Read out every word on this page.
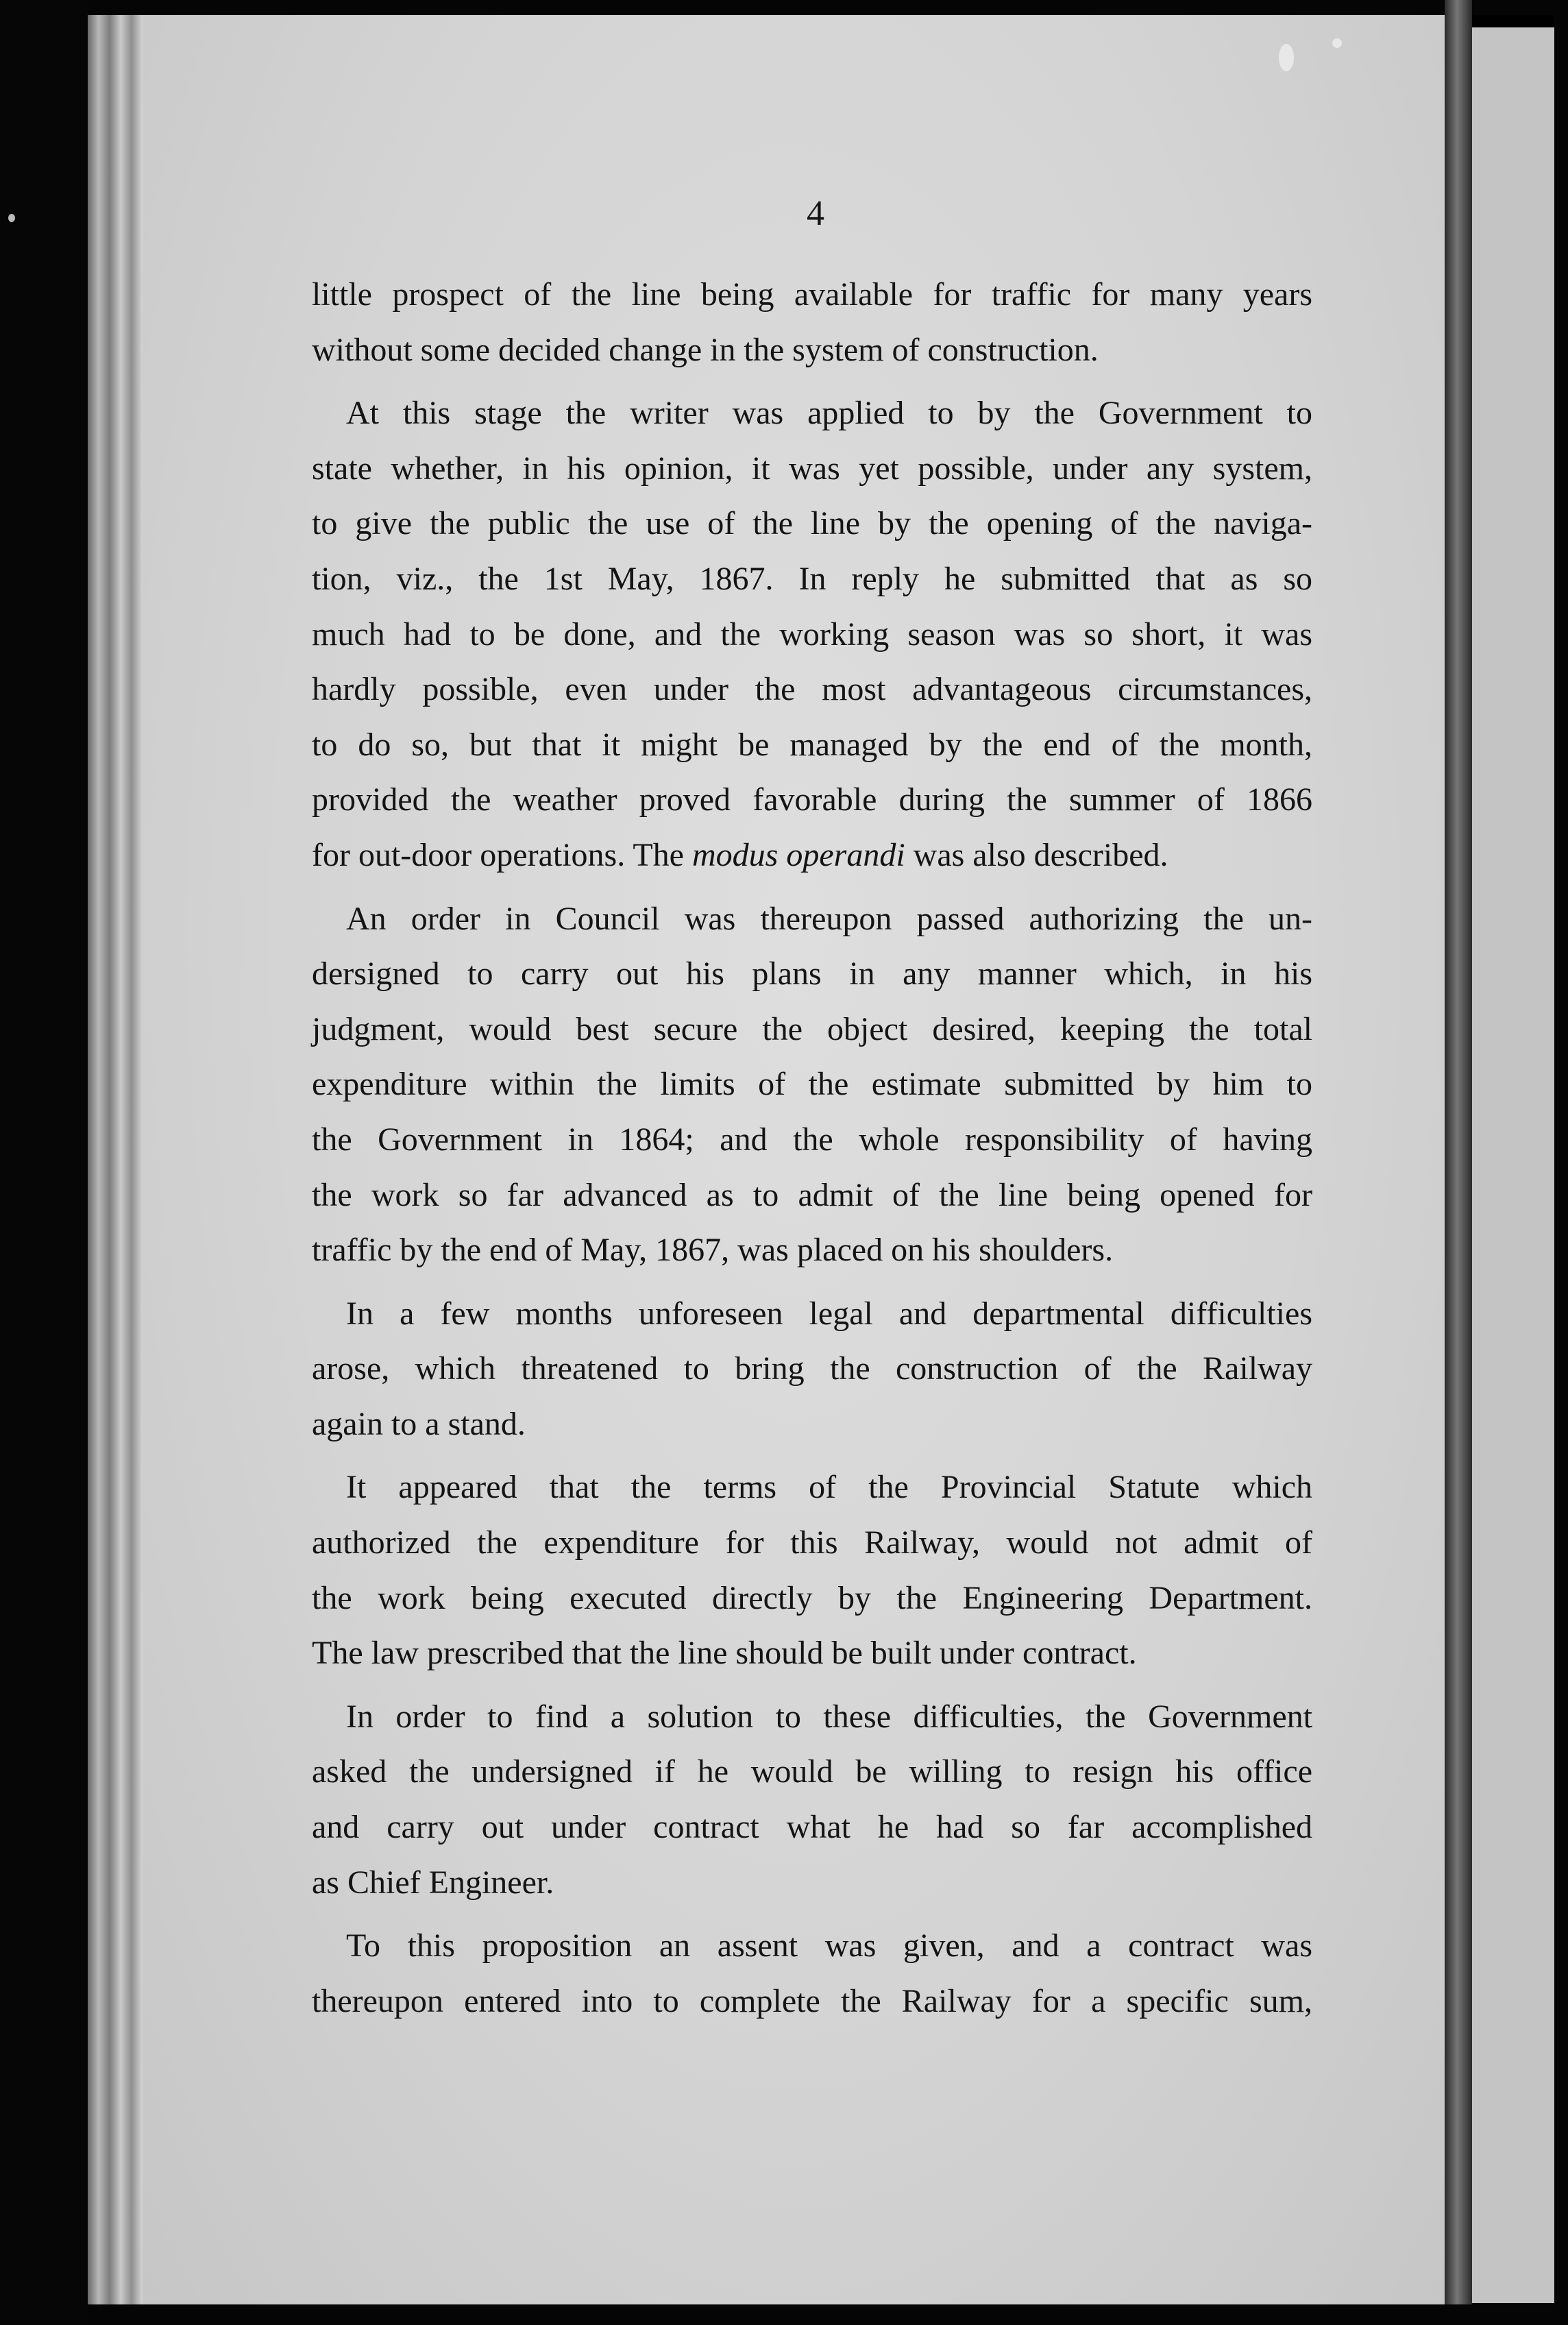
4

little prospect of the line being available for traffic for many years

without some decided change in the system of construction.

At this stage the writer was applied to by the Government to

state whether, in his opinion, it was yet possible, under any system,

to give the public the use of the line by the opening of the naviga-

tion, viz., the 1st May, 1867. In reply he submitted that as so

much had to be done, and the working season was so short, it was

hardly possible, even under the most advantageous circumstances,

to do so, but that it might be managed by the end of the month,

provided the weather proved favorable during the summer of 1866

for out-door operations. The modus operandi was also described.

An order in Council was thereupon passed authorizing the un-

dersigned to carry out his plans in any manner which, in his

judgment, would best secure the object desired, keeping the total

expenditure within the limits of the estimate submitted by him to

the Government in 1864; and the whole responsibility of having

the work so far advanced as to admit of the line being opened for

traffic by the end of May, 1867, was placed on his shoulders.

In a few months unforeseen legal and departmental difficulties

arose, which threatened to bring the construction of the Railway

again to a stand.

It appeared that the terms of the Provincial Statute which

authorized the expenditure for this Railway, would not admit of

the work being executed directly by the Engineering Department.

The law prescribed that the line should be built under contract.

In order to find a solution to these difficulties, the Government

asked the undersigned if he would be willing to resign his office

and carry out under contract what he had so far accomplished

as Chief Engineer.

To this proposition an assent was given, and a contract was

thereupon entered into to complete the Railway for a specific sum,
